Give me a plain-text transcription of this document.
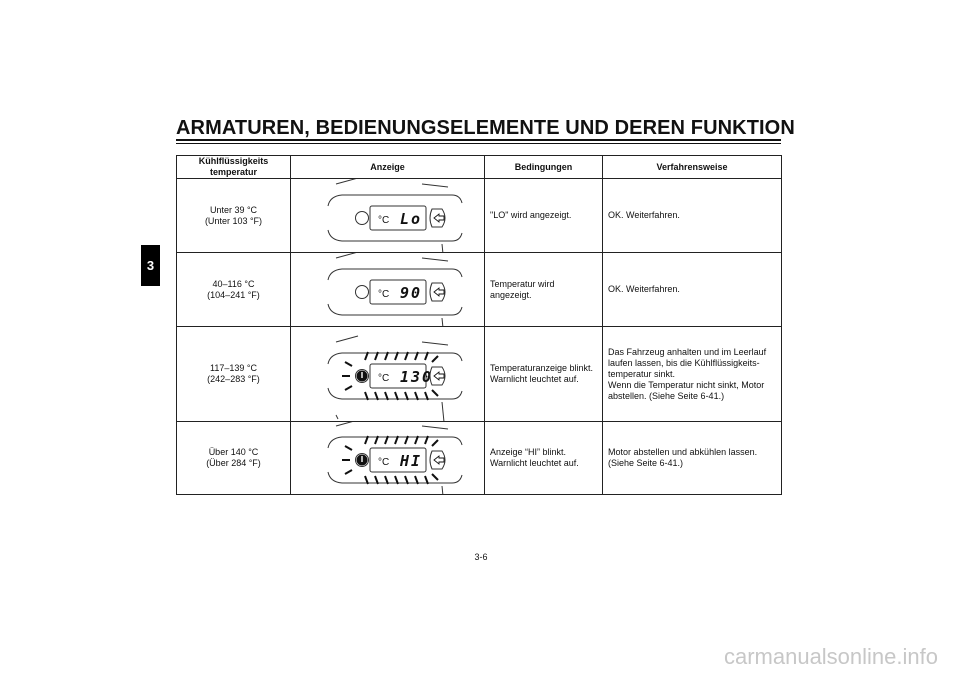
ARMATUREN, BEDIENUNGSELEMENTE UND DEREN FUNKTION
3
Kühlflüssigkeits
temperatur	Anzeige	Bedingungen	Verfahrensweise

Unter 39 °C
(Unter 103 °F)	°C Lo	"LO" wird angezeigt.	OK. Weiterfahren.

40–116 °C
(104–241 °F)	°C 90	Temperatur wird angezeigt.	OK. Weiterfahren.

117–139 °C
(242–283 °F)	°C 130	Temperaturanzeige blinkt.
Warnlicht leuchtet auf.	Das Fahrzeug anhalten und im Leerlauf
laufen lassen, bis die Kühlflüssigkeits-
temperatur sinkt.
Wenn die Temperatur nicht sinkt, Motor
abstellen. (Siehe Seite 6-41.)

Über 140 °C
(Über 284 °F)	°C HI	Anzeige “HI” blinkt.
Warnlicht leuchtet auf.	Motor abstellen und abkühlen lassen.
(Siehe Seite 6-41.)
3-6
carmanualsonline.info
